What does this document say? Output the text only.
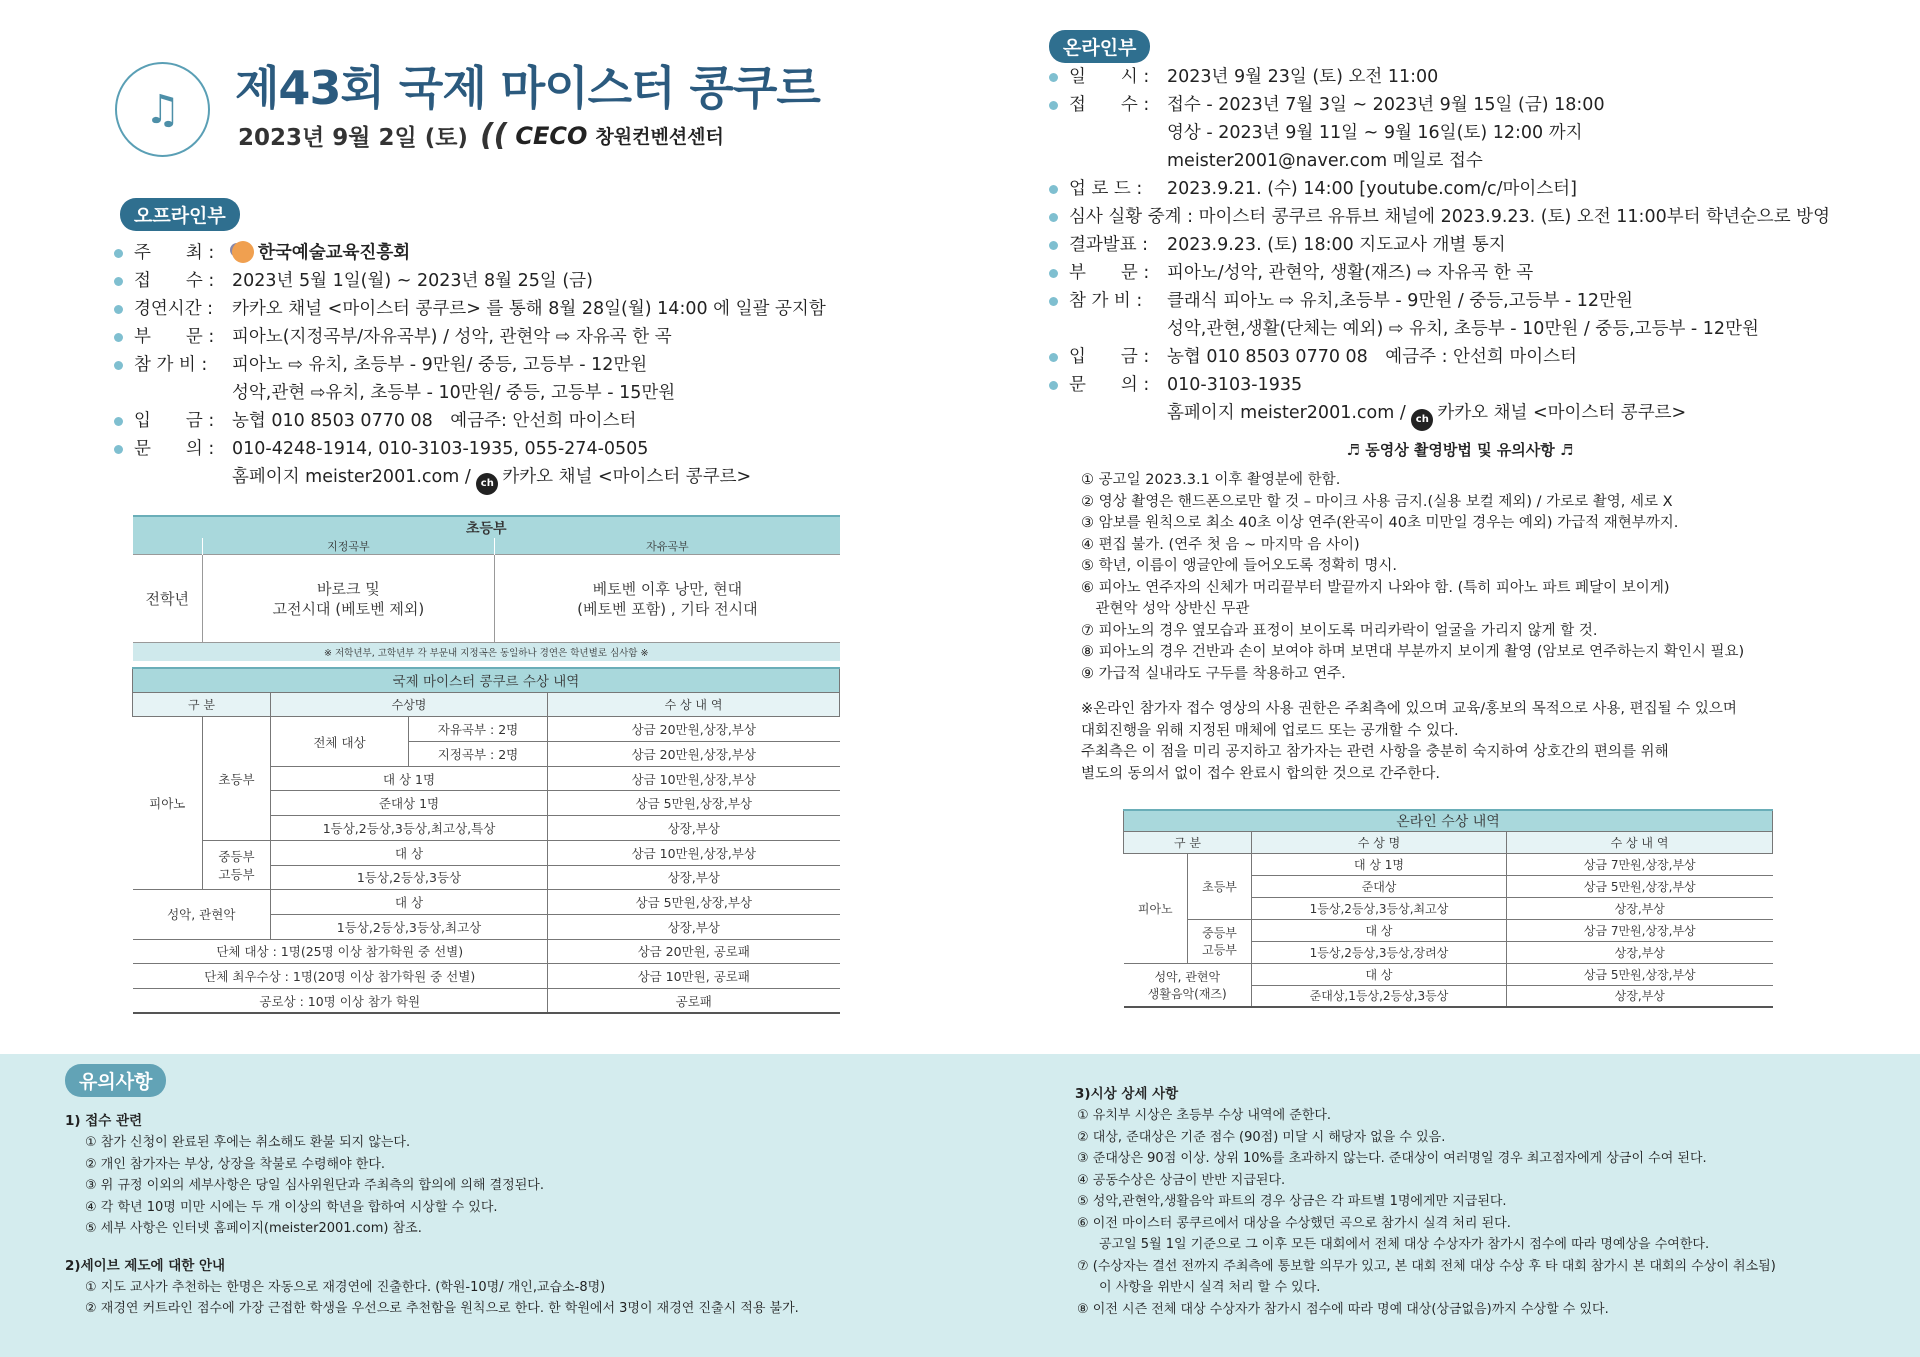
♫ 제43회 국제 마이스터 콩쿠르
2023년 9월 2일 (토) (( CECO 창원컨벤션센터
오프라인부
주　　최 : 한국예술교육진흥회
접　　수 : 2023년 5월 1일(월) ~ 2023년 8월 25일 (금)
경연시간 : 카카오 채널 <마이스터 콩쿠르> 를 통해 8월 28일(월) 14:00 에 일괄 공지함
부　　문 : 피아노(지정곡부/자유곡부) / 성악, 관현악 ⇨ 자유곡 한 곡
참 가 비 : 피아노 ⇨ 유치, 초등부 - 9만원/ 중등, 고등부 - 12만원
성악,관현 ⇨유치, 초등부 - 10만원/ 중등, 고등부 - 15만원
입　　금 : 농협 010 8503 0770 08　예금주: 안선희 마이스터
문　　의 : 010-4248-1914, 010-3103-1935, 055-274-0505
홈페이지 meister2001.com / ch 카카오 채널 <마이스터 콩쿠르>
초등부		
	지정곡부	자유곡부
전학년	바로크 및
고전시대 (베토벤 제외)	베토벤 이후 낭만, 현대
(베토벤 포함) , 기타 전시대
※ 저학년부, 고학년부 각 부문내 지정곡은 동일하나 경연은 학년별로 심사함 ※		
국제 마이스터 콩쿠르 수상 내역				
구 분		수상명		수 상 내 역
피아노	초등부	전체 대상	자유곡부 : 2명	상금 20만원,상장,부상
			지정곡부 : 2명	상금 20만원,상장,부상
		대 상 1명		상금 10만원,상장,부상
		준대상 1명		상금 5만원,상장,부상
		1등상,2등상,3등상,최고상,특상		상장,부상
	중등부
고등부	대 상		상금 10만원,상장,부상
		1등상,2등상,3등상		상장,부상
성악, 관현악		대 상		상금 5만원,상장,부상
		1등상,2등상,3등상,최고상		상장,부상
단체 대상 : 1명(25명 이상 참가학원 중 선별)				상금 20만원, 공로패
단체 최우수상 : 1명(20명 이상 참가학원 중 선별)				상금 10만원, 공로패
공로상 : 10명 이상 참가 학원				공로패
온라인부
일　　시 : 2023년 9월 23일 (토) 오전 11:00
접　　수 : 접수 - 2023년 7월 3일 ~ 2023년 9월 15일 (금) 18:00
영상 - 2023년 9월 11일 ~ 9월 16일(토) 12:00 까지
meister2001@naver.com 메일로 접수
업 로 드 : 2023.9.21. (수) 14:00 [youtube.com/c/마이스터]
심사 실황 중계 : 마이스터 콩쿠르 유튜브 채널에 2023.9.23. (토) 오전 11:00부터 학년순으로 방영
결과발표 : 2023.9.23. (토) 18:00 지도교사 개별 통지
부　　문 : 피아노/성악, 관현악, 생활(재즈) ⇨ 자유곡 한 곡
참 가 비 : 클래식 피아노 ⇨ 유치,초등부 - 9만원 / 중등,고등부 - 12만원
성악,관현,생활(단체는 예외) ⇨ 유치, 초등부 - 10만원 / 중등,고등부 - 12만원
입　　금 : 농협 010 8503 0770 08　예금주 : 안선희 마이스터
문　　의 : 010-3103-1935
홈페이지 meister2001.com / ch 카카오 채널 <마이스터 콩쿠르>
♬ 동영상 촬영방법 및 유의사항 ♬
① 공고일 2023.3.1 이후 촬영분에 한함.
② 영상 촬영은 핸드폰으로만 할 것 – 마이크 사용 금지.(실용 보컬 제외) / 가로로 촬영, 세로 X
③ 암보를 원칙으로 최소 40초 이상 연주(완곡이 40초 미만일 경우는 예외) 가급적 재현부까지.
④ 편집 불가. (연주 첫 음 ~ 마지막 음 사이)
⑤ 학년, 이름이 앵글안에 들어오도록 정확히 명시.
⑥ 피아노 연주자의 신체가 머리끝부터 발끝까지 나와야 함. (특히 피아노 파트 페달이 보이게)
　관현악 성악 상반신 무관
⑦ 피아노의 경우 옆모습과 표정이 보이도록 머리카락이 얼굴을 가리지 않게 할 것.
⑧ 피아노의 경우 건반과 손이 보여야 하며 보면대 부분까지 보이게 촬영 (암보로 연주하는지 확인시 필요)
⑨ 가급적 실내라도 구두를 착용하고 연주.
※온라인 참가자 접수 영상의 사용 권한은 주최측에 있으며 교육/홍보의 목적으로 사용, 편집될 수 있으며
대회진행을 위해 지정된 매체에 업로드 또는 공개할 수 있다.
주최측은 이 점을 미리 공지하고 참가자는 관련 사항을 충분히 숙지하여 상호간의 편의를 위해
별도의 동의서 없이 접수 완료시 합의한 것으로 간주한다.
온라인 수상 내역			
구 분		수 상 명	수 상 내 역
피아노	초등부	대 상 1명	상금 7만원,상장,부상
		준대상	상금 5만원,상장,부상
		1등상,2등상,3등상,최고상	상장,부상
	중등부
고등부	대 상	상금 7만원,상장,부상
		1등상,2등상,3등상,장려상	상장,부상
성악, 관현악
생활음악(재즈)		대 상	상금 5만원,상장,부상
		준대상,1등상,2등상,3등상	상장,부상
유의사항
1) 접수 관련
① 참가 신청이 완료된 후에는 취소해도 환불 되지 않는다.
② 개인 참가자는 부상, 상장을 착불로 수령해야 한다.
③ 위 규정 이외의 세부사항은 당일 심사위원단과 주최측의 합의에 의해 결정된다.
④ 각 학년 10명 미만 시에는 두 개 이상의 학년을 합하여 시상할 수 있다.
⑤ 세부 사항은 인터넷 홈페이지(meister2001.com) 참조.
2)세이브 제도에 대한 안내
① 지도 교사가 추천하는 한명은 자동으로 재경연에 진출한다. (학원-10명/ 개인,교습소-8명)
② 재경연 커트라인 점수에 가장 근접한 학생을 우선으로 추천함을 원칙으로 한다. 한 학원에서 3명이 재경연 진출시 적용 불가.
3)시상 상세 사항
① 유치부 시상은 초등부 수상 내역에 준한다.
② 대상, 준대상은 기준 점수 (90점) 미달 시 해당자 없을 수 있음.
③ 준대상은 90점 이상. 상위 10%를 초과하지 않는다. 준대상이 여러명일 경우 최고점자에게 상금이 수여 된다.
④ 공동수상은 상금이 반반 지급된다.
⑤ 성악,관현악,생활음악 파트의 경우 상금은 각 파트별 1명에게만 지급된다.
⑥ 이전 마이스터 콩쿠르에서 대상을 수상했던 곡으로 참가시 실격 처리 된다.
공고일 5월 1일 기준으로 그 이후 모든 대회에서 전체 대상 수상자가 참가시 점수에 따라 명예상을 수여한다.
⑦ (수상자는 결선 전까지 주최측에 통보할 의무가 있고, 본 대회 전체 대상 수상 후 타 대회 참가시 본 대회의 수상이 취소됨)
이 사항을 위반시 실격 처리 할 수 있다.
⑧ 이전 시즌 전체 대상 수상자가 참가시 점수에 따라 명예 대상(상금없음)까지 수상할 수 있다.
